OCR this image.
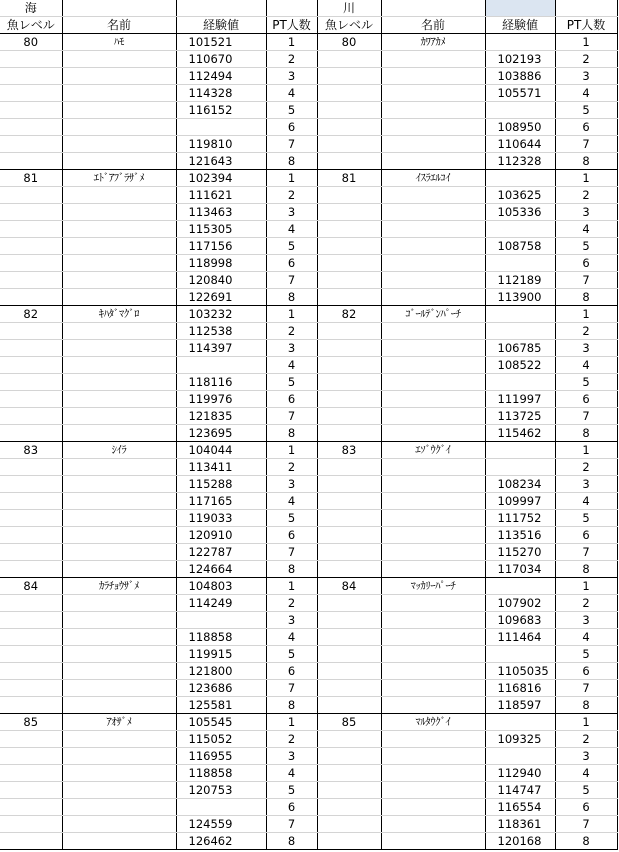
海				川			
魚レベル	名前	経験値	PT人数	魚レベル	名前	経験値	PT人数
80	ﾊﾓ	101521	1	80	ｶﾜｱｶﾒ		1
		110670	2			102193	2
		112494	3			103886	3
		114328	4			105571	4
		116152	5				5
			6			108950	6
		119810	7			110644	7
		121643	8			112328	8
81	ｴﾄﾞｱﾌﾞﾗｻﾞﾒ	102394	1	81	ｲｽﾗｴﾙｺｲ		1
		111621	2			103625	2
		113463	3			105336	3
		115305	4				4
		117156	5			108758	5
		118998	6				6
		120840	7			112189	7
		122691	8			113900	8
82	ｷﾊﾀﾞﾏｸﾞﾛ	103232	1	82	ｺﾞｰﾙﾃﾞﾝﾊﾟｰﾁ		1
		112538	2				2
		114397	3			106785	3
			4			108522	4
		118116	5				5
		119976	6			111997	6
		121835	7			113725	7
		123695	8			115462	8
83	ｼｲﾗ	104044	1	83	ｴｿﾞｳｸﾞｲ		1
		113411	2				2
		115288	3			108234	3
		117165	4			109997	4
		119033	5			111752	5
		120910	6			113516	6
		122787	7			115270	7
		124664	8			117034	8
84	ｶﾗﾁｮｳｻﾞﾒ	104803	1	84	ﾏｯｶﾘｰﾊﾟｰﾁ		1
		114249	2			107902	2
			3			109683	3
		118858	4			111464	4
		119915	5				5
		121800	6			1105035	6
		123686	7			116816	7
		125581	8			118597	8
85	ｱｵｻﾞﾒ	105545	1	85	ﾏﾙﾀｳｸﾞｲ		1
		115052	2			109325	2
		116955	3				3
		118858	4			112940	4
		120753	5			114747	5
			6			116554	6
		124559	7			118361	7
		126462	8			120168	8
